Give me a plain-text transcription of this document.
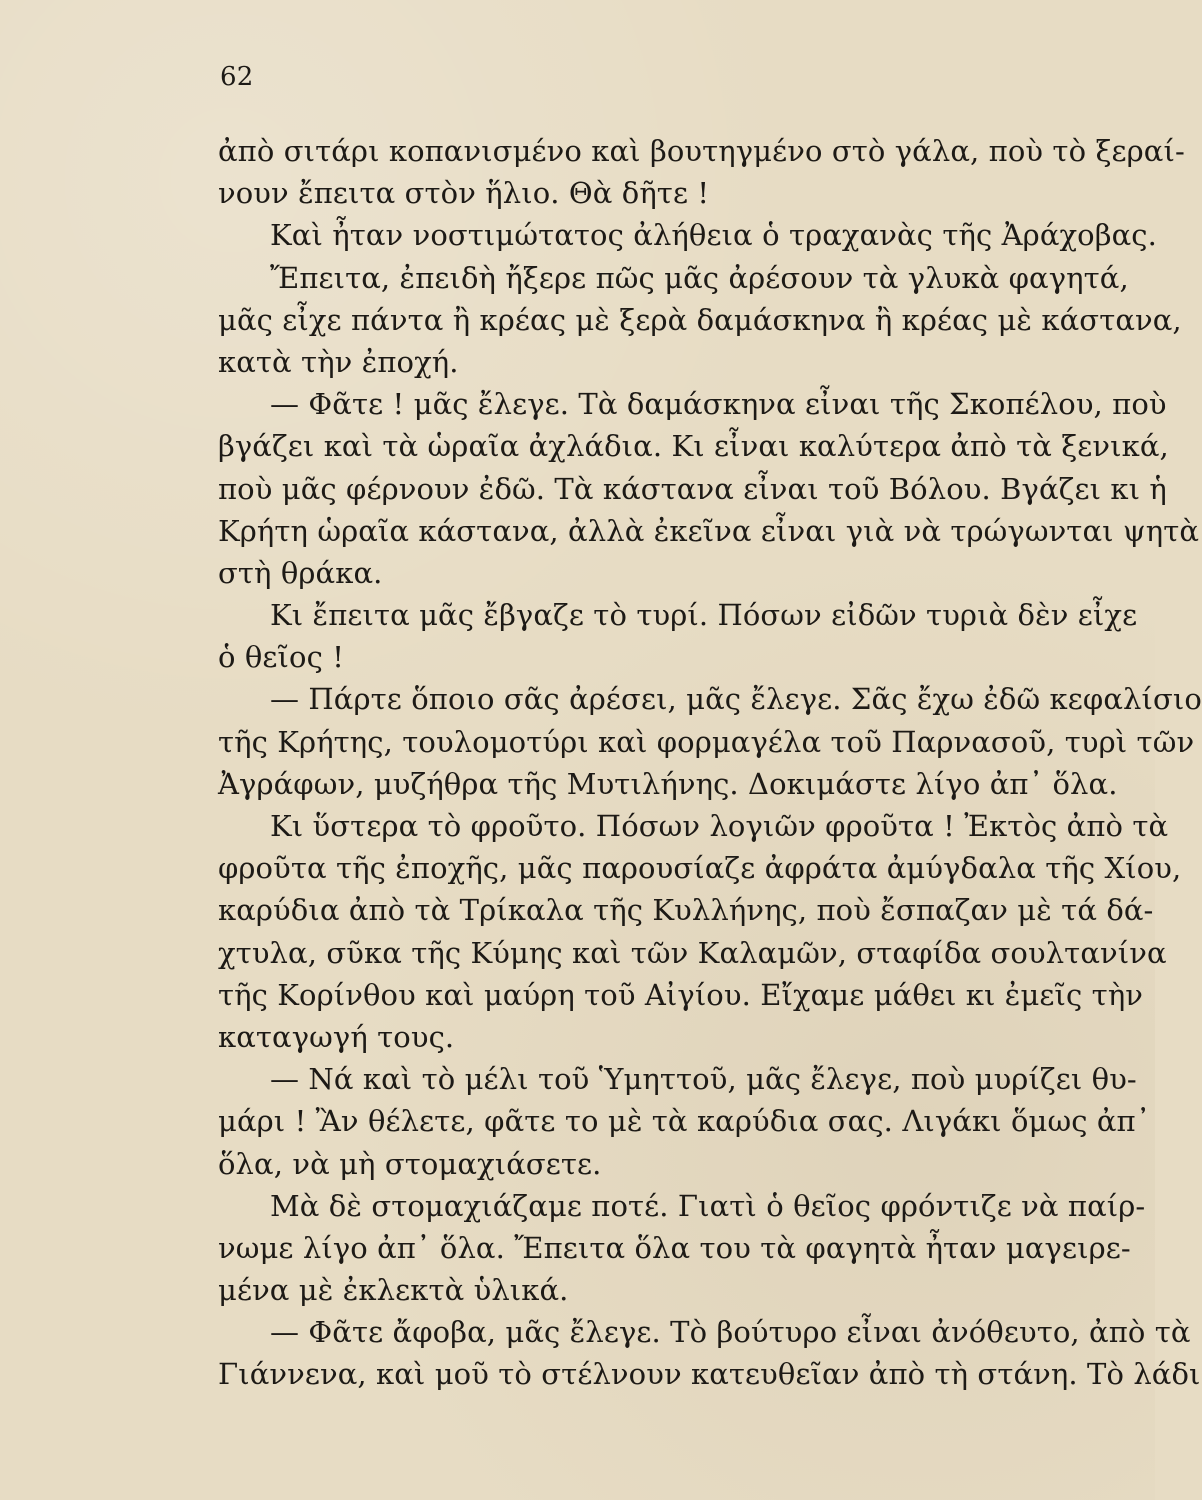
62
ἀπὸ σιτάρι κοπανισμένο καὶ βουτηγμένο στὸ γάλα, ποὺ τὸ ξεραί-
νουν ἔπειτα στὸν ἥλιο. Θὰ δῆτε !
Καὶ ἦταν νοστιμώτατος ἀλήθεια ὁ τραχανὰς τῆς Ἀράχοβας.
Ἔπειτα, ἐπειδὴ ἤξερε πῶς μᾶς ἀρέσουν τὰ γλυκὰ φαγητά,
μᾶς εἶχε πάντα ἢ κρέας μὲ ξερὰ δαμάσκηνα ἢ κρέας μὲ κάστανα,
κατὰ τὴν ἐποχή.
— Φᾶτε ! μᾶς ἔλεγε. Τὰ δαμάσκηνα εἶναι τῆς Σκοπέλου, ποὺ
βγάζει καὶ τὰ ὡραῖα ἀχλάδια. Κι εἶναι καλύτερα ἀπὸ τὰ ξενικά,
ποὺ μᾶς φέρνουν ἐδῶ. Τὰ κάστανα εἶναι τοῦ Βόλου. Βγάζει κι ἡ
Κρήτη ὡραῖα κάστανα, ἀλλὰ ἐκεῖνα εἶναι γιὰ νὰ τρώγωνται ψητὰ
στὴ θράκα.
Κι ἔπειτα μᾶς ἔβγαζε τὸ τυρί. Πόσων εἰδῶν τυριὰ δὲν εἶχε
ὁ θεῖος !
— Πάρτε ὅποιο σᾶς ἀρέσει, μᾶς ἔλεγε. Σᾶς ἔχω ἐδῶ κεφαλίσιο
τῆς Κρήτης, τουλομοτύρι καὶ φορμαγέλα τοῦ Παρνασοῦ, τυρὶ τῶν
Ἀγράφων, μυζήθρα τῆς Μυτιλήνης. Δοκιμάστε λίγο ἀπ᾽ ὅλα.
Κι ὕστερα τὸ φροῦτο. Πόσων λογιῶν φροῦτα ! Ἐκτὸς ἀπὸ τὰ
φροῦτα τῆς ἐποχῆς, μᾶς παρουσίαζε ἀφράτα ἀμύγδαλα τῆς Χίου,
καρύδια ἀπὸ τὰ Τρίκαλα τῆς Κυλλήνης, ποὺ ἔσπαζαν μὲ τά δά-
χτυλα, σῦκα τῆς Κύμης καὶ τῶν Καλαμῶν, σταφίδα σουλτανίνα
τῆς Κορίνθου καὶ μαύρη τοῦ Αἰγίου. Εἴχαμε μάθει κι ἐμεῖς τὴν
καταγωγή τους.
— Νά καὶ τὸ μέλι τοῦ Ὑμηττοῦ, μᾶς ἔλεγε, ποὺ μυρίζει θυ-
μάρι ! Ἂν θέλετε, φᾶτε το μὲ τὰ καρύδια σας. Λιγάκι ὅμως ἀπ᾽
ὅλα, νὰ μὴ στομαχιάσετε.
Μὰ δὲ στομαχιάζαμε ποτέ. Γιατὶ ὁ θεῖος φρόντιζε νὰ παίρ-
νωμε λίγο ἀπ᾽ ὅλα. Ἔπειτα ὅλα του τὰ φαγητὰ ἦταν μαγειρε-
μένα μὲ ἐκλεκτὰ ὑλικά.
— Φᾶτε ἄφοβα, μᾶς ἔλεγε. Τὸ βούτυρο εἶναι ἀνόθευτο, ἀπὸ τὰ
Γιάννενα, καὶ μοῦ τὸ στέλνουν κατευθεῖαν ἀπὸ τὴ στάνη. Τὸ λάδι
